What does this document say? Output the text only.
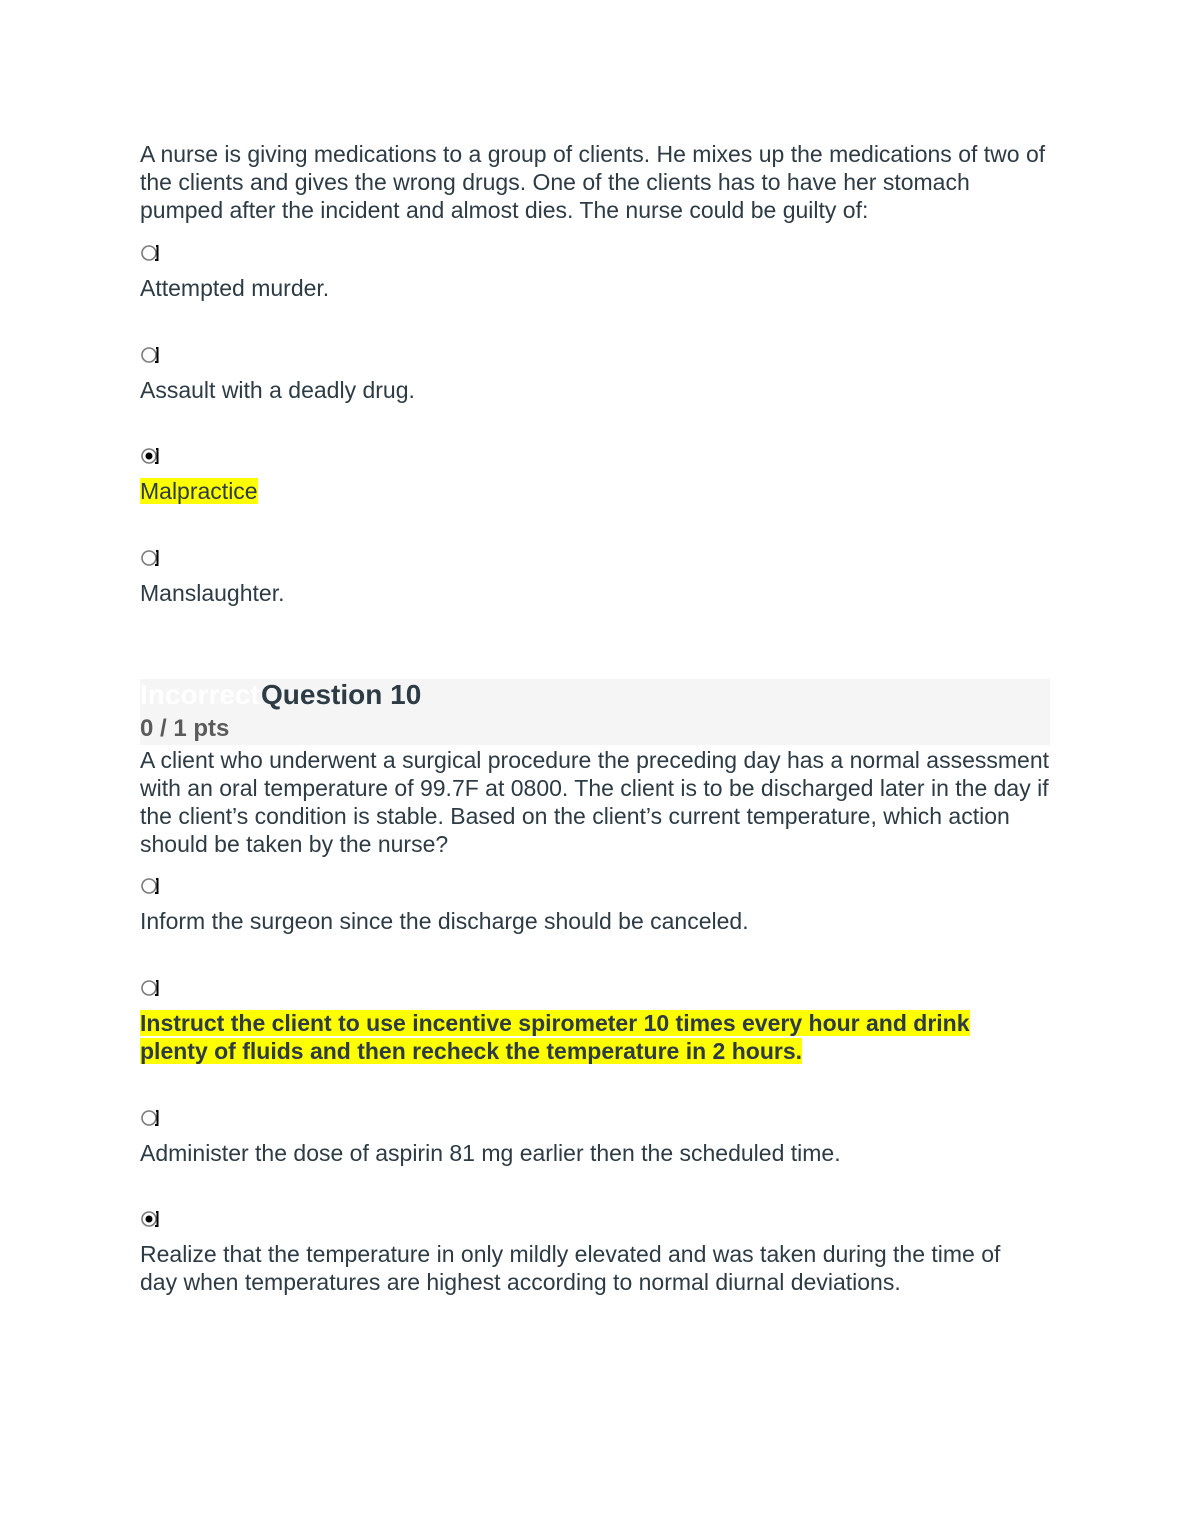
A nurse is giving medications to a group of clients. He mixes up the medications of two of the clients and gives the wrong drugs. One of the clients has to have her stomach pumped after the incident and almost dies. The nurse could be guilty of:

Attempted murder.

Assault with a deadly drug.

Malpractice

Manslaughter.

Incorrect Question 10
0 / 1 pts

A client who underwent a surgical procedure the preceding day has a normal assessment with an oral temperature of 99.7F at 0800. The client is to be discharged later in the day if the client’s condition is stable. Based on the client’s current temperature, which action should be taken by the nurse?

Inform the surgeon since the discharge should be canceled.

Instruct the client to use incentive spirometer 10 times every hour and drink plenty of fluids and then recheck the temperature in 2 hours.

Administer the dose of aspirin 81 mg earlier then the scheduled time.

Realize that the temperature in only mildly elevated and was taken during the time of day when temperatures are highest according to normal diurnal deviations.
